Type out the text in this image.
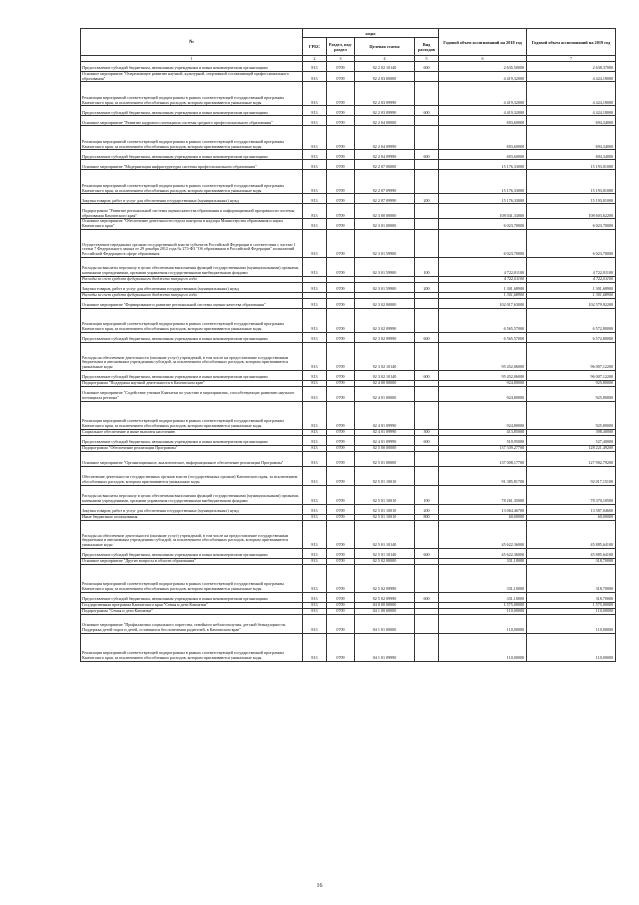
№	коды				Годовой объем ассигнований на 2018 год	Годовой объем ассигнований на 2019 год	
	ГРБС	Раздел, под-раздел	Целевая статья	Вид расходов			
1	2	3	4	5	6	7	
Предоставление субсидий бюджетным, автономным учреждениям и иным некоммерческим организациям	813	0709	02 2 02 10140	600	2 635,50000	2 638,37000	
Основное мероприятие "Опережающее развитие научной, культурной, спортивной составляющей профессионального образования"	813	0709	02 2 03 00000		4 419,32000	4 424,18000	
Реализация мероприятий соответствующей подпрограммы в рамках соответствующей государственной программы Камчатского края, за исключением обособленных расходов, которым присваиваются уникальные коды	813	0709	02 2 03 09990		4 419,32000	4 424,18000	
Предоставление субсидий бюджетным, автономным учреждениям и иным некоммерческим организациям	813	0709	02 2 03 09990	600	4 419,32000	4 424,18000	
Основное мероприятие "Развитие кадрового потенциала системы среднего профессионального образования"	813	0709	02 2 04 00000		693,60000	694,34000	
Реализация мероприятий соответствующей подпрограммы в рамках соответствующей государственной программы Камчатского края, за исключением обособленных расходов, которым присваиваются уникальные коды	813	0709	02 2 04 09990		693,60000	694,34000	
Предоставление субсидий бюджетным, автономным учреждениям и иным некоммерческим организациям	813	0709	02 2 04 09990	600	693,60000	694,34000	
Основное мероприятие "Модернизация инфраструктуры системы профессионального образования"	813	0709	02 2 07 00000		15 176,33000	15 193,01000	
Реализация мероприятий соответствующей подпрограммы в рамках соответствующей государственной программы Камчатского края, за исключением обособленных расходов, которым присваиваются уникальные коды	813	0709	02 2 07 09990		15 176,33000	15 193,01000	
Закупка товаров, работ и услуг для обеспечения государственных (муниципальных) нужд	813	0709	02 2 07 09990	200	15 176,33000	15 193,01000	
Подпрограмма "Развитие региональной системы оценки качества образования и информационной прозрачности системы образования Камчатского края"	813	0709	02 3 00 00000		108 041,33000	108 603,62200	
Основное мероприятие "Обеспечение деятельности отдела контроля и надзора Министерства образования и науки Камчатского края"	813	0709	02 3 01 00000		6 023,70000	6 023,70000	
Осуществление переданных органам государственной власти субъектов Российской Федерации в соответствии с частью 1 статьи 7 Федерального закона от 29 декабря 2012 года № 273-ФЗ "Об образовании в Российской Федерации" полномочий Российской Федерации в сфере образования	813	0709	02 3 01 59900		6 023,70000	6 023,70000	
Расходы на выплаты персоналу в целях обеспечения выполнения функций государственными (муниципальными) органами, казенными учреждениями, органами управления государственными внебюджетными фондами	813	0709	02 3 01 59900	100	4 722,01100	4 722,01100	
Расходы за счет средств федерального бюджета текущего года					4 722,01100	4 722,01100	
Закупка товаров, работ и услуг для обеспечения государственных (муниципальных) нужд	813	0709	02 3 01 59900	200	1 301,68900	1 301,68900	
Расходы за счет средств федерального бюджета текущего года					1 301,68900	1 301,68900	
Основное мероприятие "Формирование и развитие региональной системы оценки качества образования"	813	0709	02 3 02 00000		102 017,63000	102 579,92200	
Реализация мероприятий соответствующей подпрограммы в рамках соответствующей государственной программы Камчатского края, за исключением обособленных расходов, которым присваиваются уникальные коды	813	0709	02 3 02 09990		6 565,57000	6 572,80000	
Предоставление субсидий бюджетным, автономным учреждениям и иным некоммерческим организациям	813	0709	02 3 02 09990	600	6 565,57000	6 572,80000	
Расходы на обеспечение деятельности (оказание услуг) учреждений, в том числе на предоставление государственным бюджетным и автономным учреждениям субсидий, за исключением обособленных расходов, которым присваиваются уникальные коды	813	0709	02 3 02 10140		95 452,06000	96 007,12200	
Предоставление субсидий бюджетным, автономным учреждениям и иным некоммерческим организациям	813	0709	02 3 02 10140	600	95 452,06000	96 007,12200	
Подпрограмма "Поддержка научной деятельности в Камчатском крае"	813	0709	02 4 00 00000		924,80000	925,80000	
Основное мероприятие "Содействие ученым Камчатки по участию в мероприятиях, способствующих развитию научного потенциала региона"	813	0709	02 4 01 00000		924,80000	925,80000	
Реализация мероприятий соответствующей подпрограммы в рамках соответствующей государственной программы Камчатского края, за исключением обособленных расходов, которым присваиваются уникальные коды	813	0709	02 4 01 09990		924,80000	925,80000	
Социальное обеспечение и иные выплаты населению	813	0709	02 4 01 09990	300	413,85000	398,40000	
Предоставление субсидий бюджетным, автономным учреждениям и иным некоммерческим организациям	813	0709	02 4 01 09990	600	510,95000	527,40000	
Подпрограмма "Обеспечение реализации Программы"	813	0709	02 5 00 00000		137 339,27700	128 221,49200	
Основное мероприятие "Организационное, аналитическое, информационное обеспечение реализации Программы"	813	0709	02 5 01 00000		137 008,17700	127 902,79200	
Обеспечение деятельности государственных органов власти (государственных органов) Камчатского края, за исключением обособленных расходов, которым присваиваются уникальные коды	813	0709	02 5 01 10010		91 385,81700	92 017,15100	
Расходы на выплаты персоналу в целях обеспечения выполнения функций государственными (муниципальными) органами, казенными учреждениями, органами управления государственными внебюджетными фондами	813	0709	02 5 01 10010	100	78 261,35000	78 370,10500	
Закупка товаров, работ и услуг для обеспечения государственных (муниципальных) нужд	813	0709	02 5 01 10010	200	13 064,46700	13 587,04600	
Иные бюджетные ассигнования	813	0709	02 5 01 10010	800	60,00000	60,00000	
Расходы на обеспечение деятельности (оказание услуг) учреждений, в том числе на предоставление государственным бюджетным и автономным учреждениям субсидий, за исключением обособленных расходов, которым присваиваются уникальные коды	813	0709	02 5 01 10140		45 622,36000	45 885,64100	
Предоставление субсидий бюджетным, автономным учреждениям и иным некоммерческим организациям	813	0709	02 5 01 10140	600	45 622,36000	45 885,64100	
Основное мероприятие "Другие вопросы в области образования"	813	0709	02 5 02 00000		331,10000	318,70000	
Реализация мероприятий соответствующей подпрограммы в рамках соответствующей государственной программы Камчатского края, за исключением обособленных расходов, которым присваиваются уникальные коды	813	0709	02 5 02 09990		331,10000	318,70000	
Предоставление субсидий бюджетным, автономным учреждениям и иным некоммерческим организациям	813	0709	02 5 02 09990	600	331,10000	318,70000	
Государственная программа Камчатского края "Семья и дети Камчатки"	813	0709	04 0 00 00000		1 575,00000	1 575,00000	
Подпрограмма "Семья и дети Камчатки"	813	0709	04 1 00 00000		110,00000	110,00000	
Основное мероприятие "Профилактика социального сиротства, семейного неблагополучия, детской безнадзорности. Поддержка детей-сирот и детей, оставшихся без попечения родителей, в Камчатском крае"	813	0709	04 1 01 00000		110,00000	110,00000	
Реализация мероприятий соответствующей подпрограммы в рамках соответствующей государственной программы Камчатского края, за исключением обособленных расходов, которым присваиваются уникальные коды	813	0709	04 1 01 09990		110,00000	110,00000	
16
